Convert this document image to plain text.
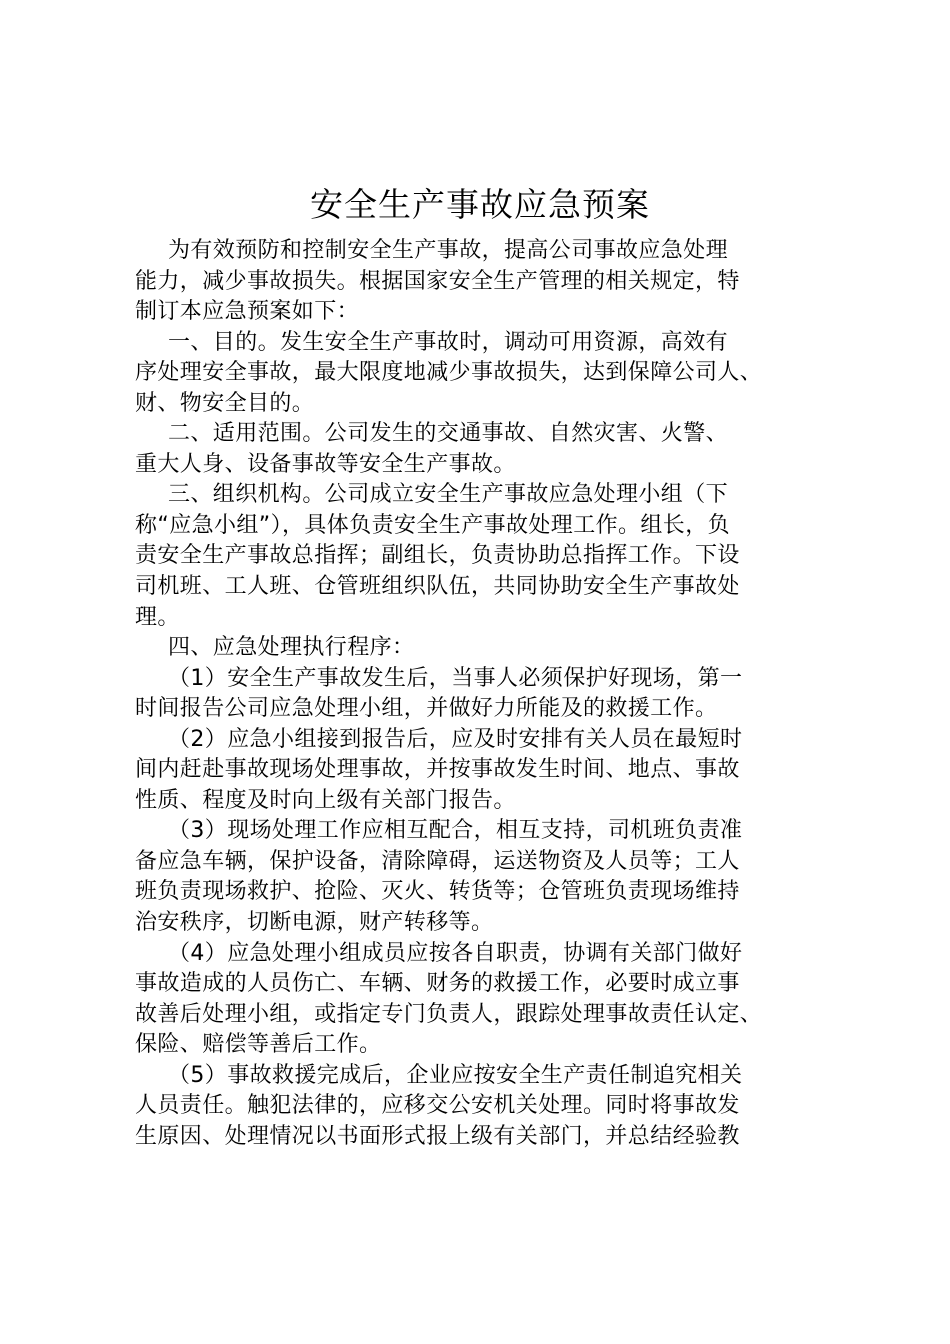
安全生产事故应急预案
为有效预防和控制安全生产事故，提高公司事故应急处理
能力，减少事故损失。根据国家安全生产管理的相关规定，特
制订本应急预案如下：
一、目的。发生安全生产事故时，调动可用资源，高效有
序处理安全事故，最大限度地减少事故损失，达到保障公司人、
财、物安全目的。
二、适用范围。公司发生的交通事故、自然灾害、火警、
重大人身、设备事故等安全生产事故。
三、组织机构。公司成立安全生产事故应急处理小组（下
称“应急小组”），具体负责安全生产事故处理工作。组长，负
责安全生产事故总指挥；副组长，负责协助总指挥工作。下设
司机班、工人班、仓管班组织队伍，共同协助安全生产事故处
理。
四、应急处理执行程序：
（1）安全生产事故发生后，当事人必须保护好现场，第一
时间报告公司应急处理小组，并做好力所能及的救援工作。
（2）应急小组接到报告后，应及时安排有关人员在最短时
间内赶赴事故现场处理事故，并按事故发生时间、地点、事故
性质、程度及时向上级有关部门报告。
（3）现场处理工作应相互配合，相互支持，司机班负责准
备应急车辆，保护设备，清除障碍，运送物资及人员等；工人
班负责现场救护、抢险、灭火、转货等；仓管班负责现场维持
治安秩序，切断电源，财产转移等。
（4）应急处理小组成员应按各自职责，协调有关部门做好
事故造成的人员伤亡、车辆、财务的救援工作，必要时成立事
故善后处理小组，或指定专门负责人，跟踪处理事故责任认定、
保险、赔偿等善后工作。
（5）事故救援完成后，企业应按安全生产责任制追究相关
人员责任。触犯法律的，应移交公安机关处理。同时将事故发
生原因、处理情况以书面形式报上级有关部门，并总结经验教
